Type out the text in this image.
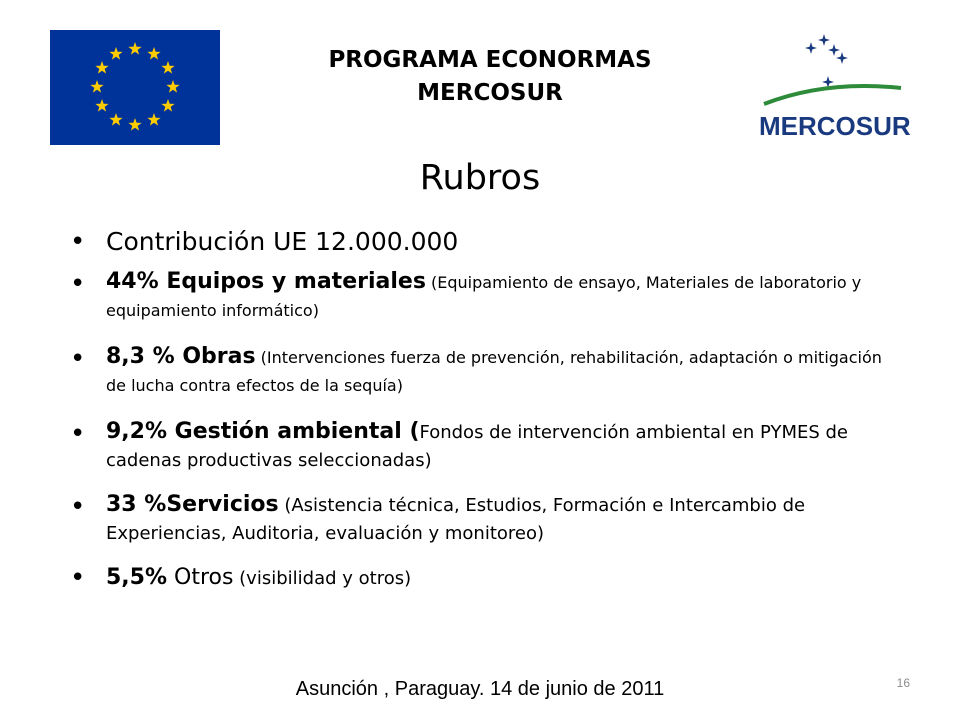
PROGRAMA ECONORMAS
MERCOSUR
MERCOSUR
Rubros
• Contribución UE 12.000.000
• 44% Equipos y materiales (Equipamiento de ensayo, Materiales de laboratorio y equipamiento informático)
• 8,3 % Obras (Intervenciones fuerza de prevención, rehabilitación, adaptación o mitigación de lucha contra efectos de la sequía)
• 9,2% Gestión ambiental (Fondos de intervención ambiental en PYMES de cadenas productivas seleccionadas)
• 33 %Servicios (Asistencia técnica, Estudios, Formación e Intercambio de Experiencias, Auditoria, evaluación y monitoreo)
• 5,5% Otros (visibilidad y otros)
Asunción , Paraguay. 14 de junio de 2011	16
